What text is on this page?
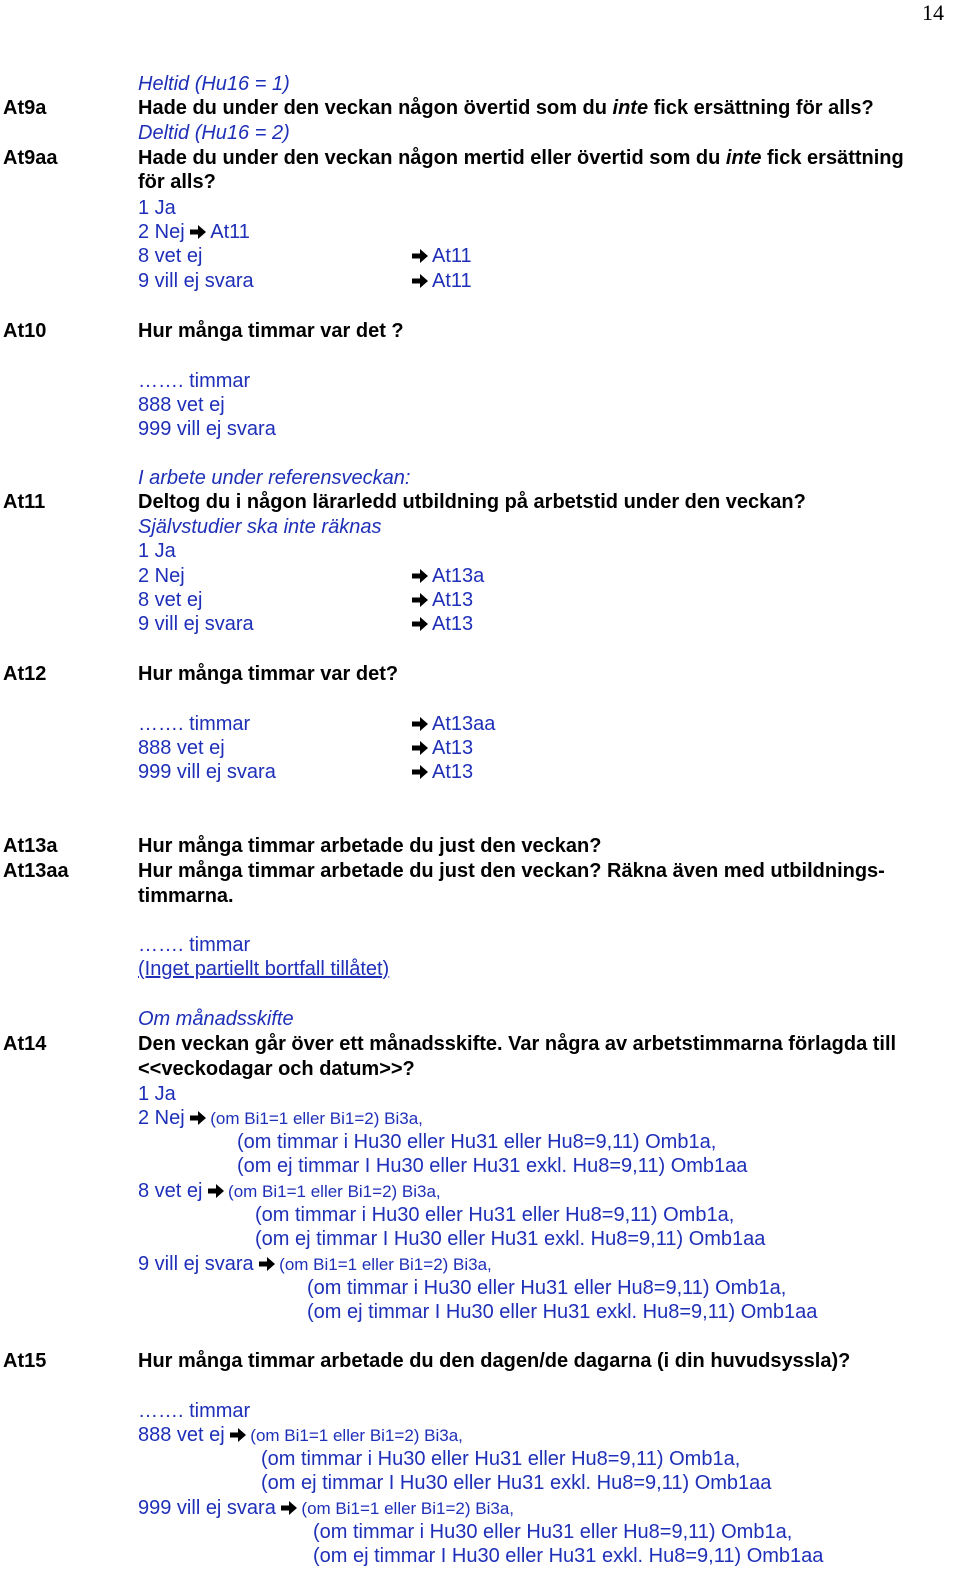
14
Heltid (Hu16 = 1)
At9a	Hade du under den veckan någon övertid som du inte fick ersättning för alls?
Deltid (Hu16 = 2)
At9aa	Hade du under den veckan någon mertid eller övertid som du inte fick ersättning
för alls?
1 Ja
2 Nej At11
8 vet ej	At11
9 vill ej svara	At11
At10	Hur många timmar var det ?
……. timmar
888 vet ej
999 vill ej svara
I arbete under referensveckan:
At11	Deltog du i någon lärarledd utbildning på arbetstid under den veckan?
Självstudier ska inte räknas
1 Ja
2 Nej	At13a
8 vet ej	At13
9 vill ej svara	At13
At12	Hur många timmar var det?
……. timmar	At13aa
888 vet ej	At13
999 vill ej svara	At13
At13a	Hur många timmar arbetade du just den veckan?
At13aa	Hur många timmar arbetade du just den veckan? Räkna även med utbildnings-
timmarna.
……. timmar
(Inget partiellt bortfall tillåtet)
Om månadsskifte
At14	Den veckan går över ett månadsskifte. Var några av arbetstimmarna förlagda till
<<veckodagar och datum>>?
1 Ja
2 Nej (om Bi1=1 eller Bi1=2) Bi3a,
(om timmar i Hu30 eller Hu31 eller Hu8=9,11) Omb1a,
(om ej timmar I Hu30 eller Hu31 exkl. Hu8=9,11) Omb1aa
8 vet ej (om Bi1=1 eller Bi1=2) Bi3a,
(om timmar i Hu30 eller Hu31 eller Hu8=9,11) Omb1a,
(om ej timmar I Hu30 eller Hu31 exkl. Hu8=9,11) Omb1aa
9 vill ej svara (om Bi1=1 eller Bi1=2) Bi3a,
(om timmar i Hu30 eller Hu31 eller Hu8=9,11) Omb1a,
(om ej timmar I Hu30 eller Hu31 exkl. Hu8=9,11) Omb1aa
At15	Hur många timmar arbetade du den dagen/de dagarna (i din huvudsyssla)?
……. timmar
888 vet ej (om Bi1=1 eller Bi1=2) Bi3a,
(om timmar i Hu30 eller Hu31 eller Hu8=9,11) Omb1a,
(om ej timmar I Hu30 eller Hu31 exkl. Hu8=9,11) Omb1aa
999 vill ej svara (om Bi1=1 eller Bi1=2) Bi3a,
(om timmar i Hu30 eller Hu31 eller Hu8=9,11) Omb1a,
(om ej timmar I Hu30 eller Hu31 exkl. Hu8=9,11) Omb1aa
